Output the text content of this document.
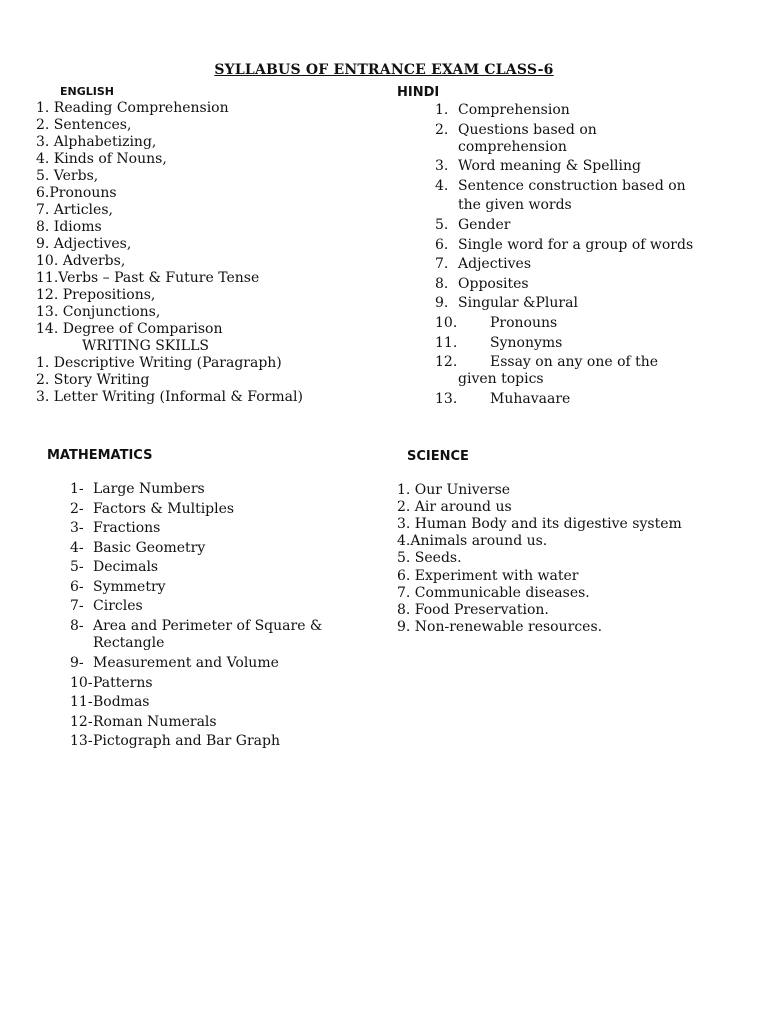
SYLLABUS OF ENTRANCE EXAM CLASS-6
ENGLISH
1. Reading Comprehension
2. Sentences,
3. Alphabetizing,
4. Kinds of Nouns,
5. Verbs,
6.Pronouns
7. Articles,
8. Idioms
9. Adjectives,
10. Adverbs,
11.Verbs – Past & Future Tense
12. Prepositions,
13. Conjunctions,
14. Degree of Comparison
WRITING SKILLS
1. Descriptive Writing (Paragraph)
2. Story Writing
3. Letter Writing (Informal & Formal)
HINDI
1. Comprehension
2. Questions based on
comprehension
3. Word meaning & Spelling
4. Sentence construction based on
the given words
5. Gender
6. Single word for a group of words
7. Adjectives
8. Opposites
9. Singular &Plural
10. Pronouns
11. Synonyms
12. Essay on any one of the
given topics
13. Muhavaare
MATHEMATICS
1- Large Numbers
2- Factors & Multiples
3- Fractions
4- Basic Geometry
5- Decimals
6- Symmetry
7- Circles
8- Area and Perimeter of Square &
Rectangle
9- Measurement and Volume
10- Patterns
11- Bodmas
12- Roman Numerals
13- Pictograph and Bar Graph
SCIENCE
1. Our Universe
2. Air around us
3. Human Body and its digestive system
4.Animals around us.
5. Seeds.
6. Experiment with water
7. Communicable diseases.
8. Food Preservation.
9. Non-renewable resources.
